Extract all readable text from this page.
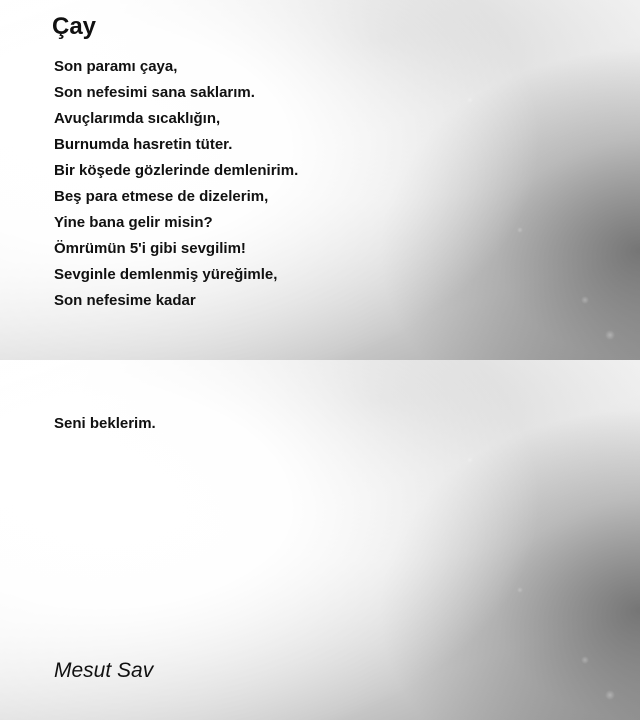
Çay
Son paramı çaya,
Son nefesimi sana saklarım.
Avuçlarımda sıcaklığın,
Burnumda hasretin tüter.
Bir köşede gözlerinde demlenirim.
Beş para etmese de dizelerim,
Yine bana gelir misin?
Ömrümün 5'i gibi sevgilim!
Sevginle demlenmiş yüreğimle,
Son nefesime kadar

Seni beklerim.

Mesut Sav
